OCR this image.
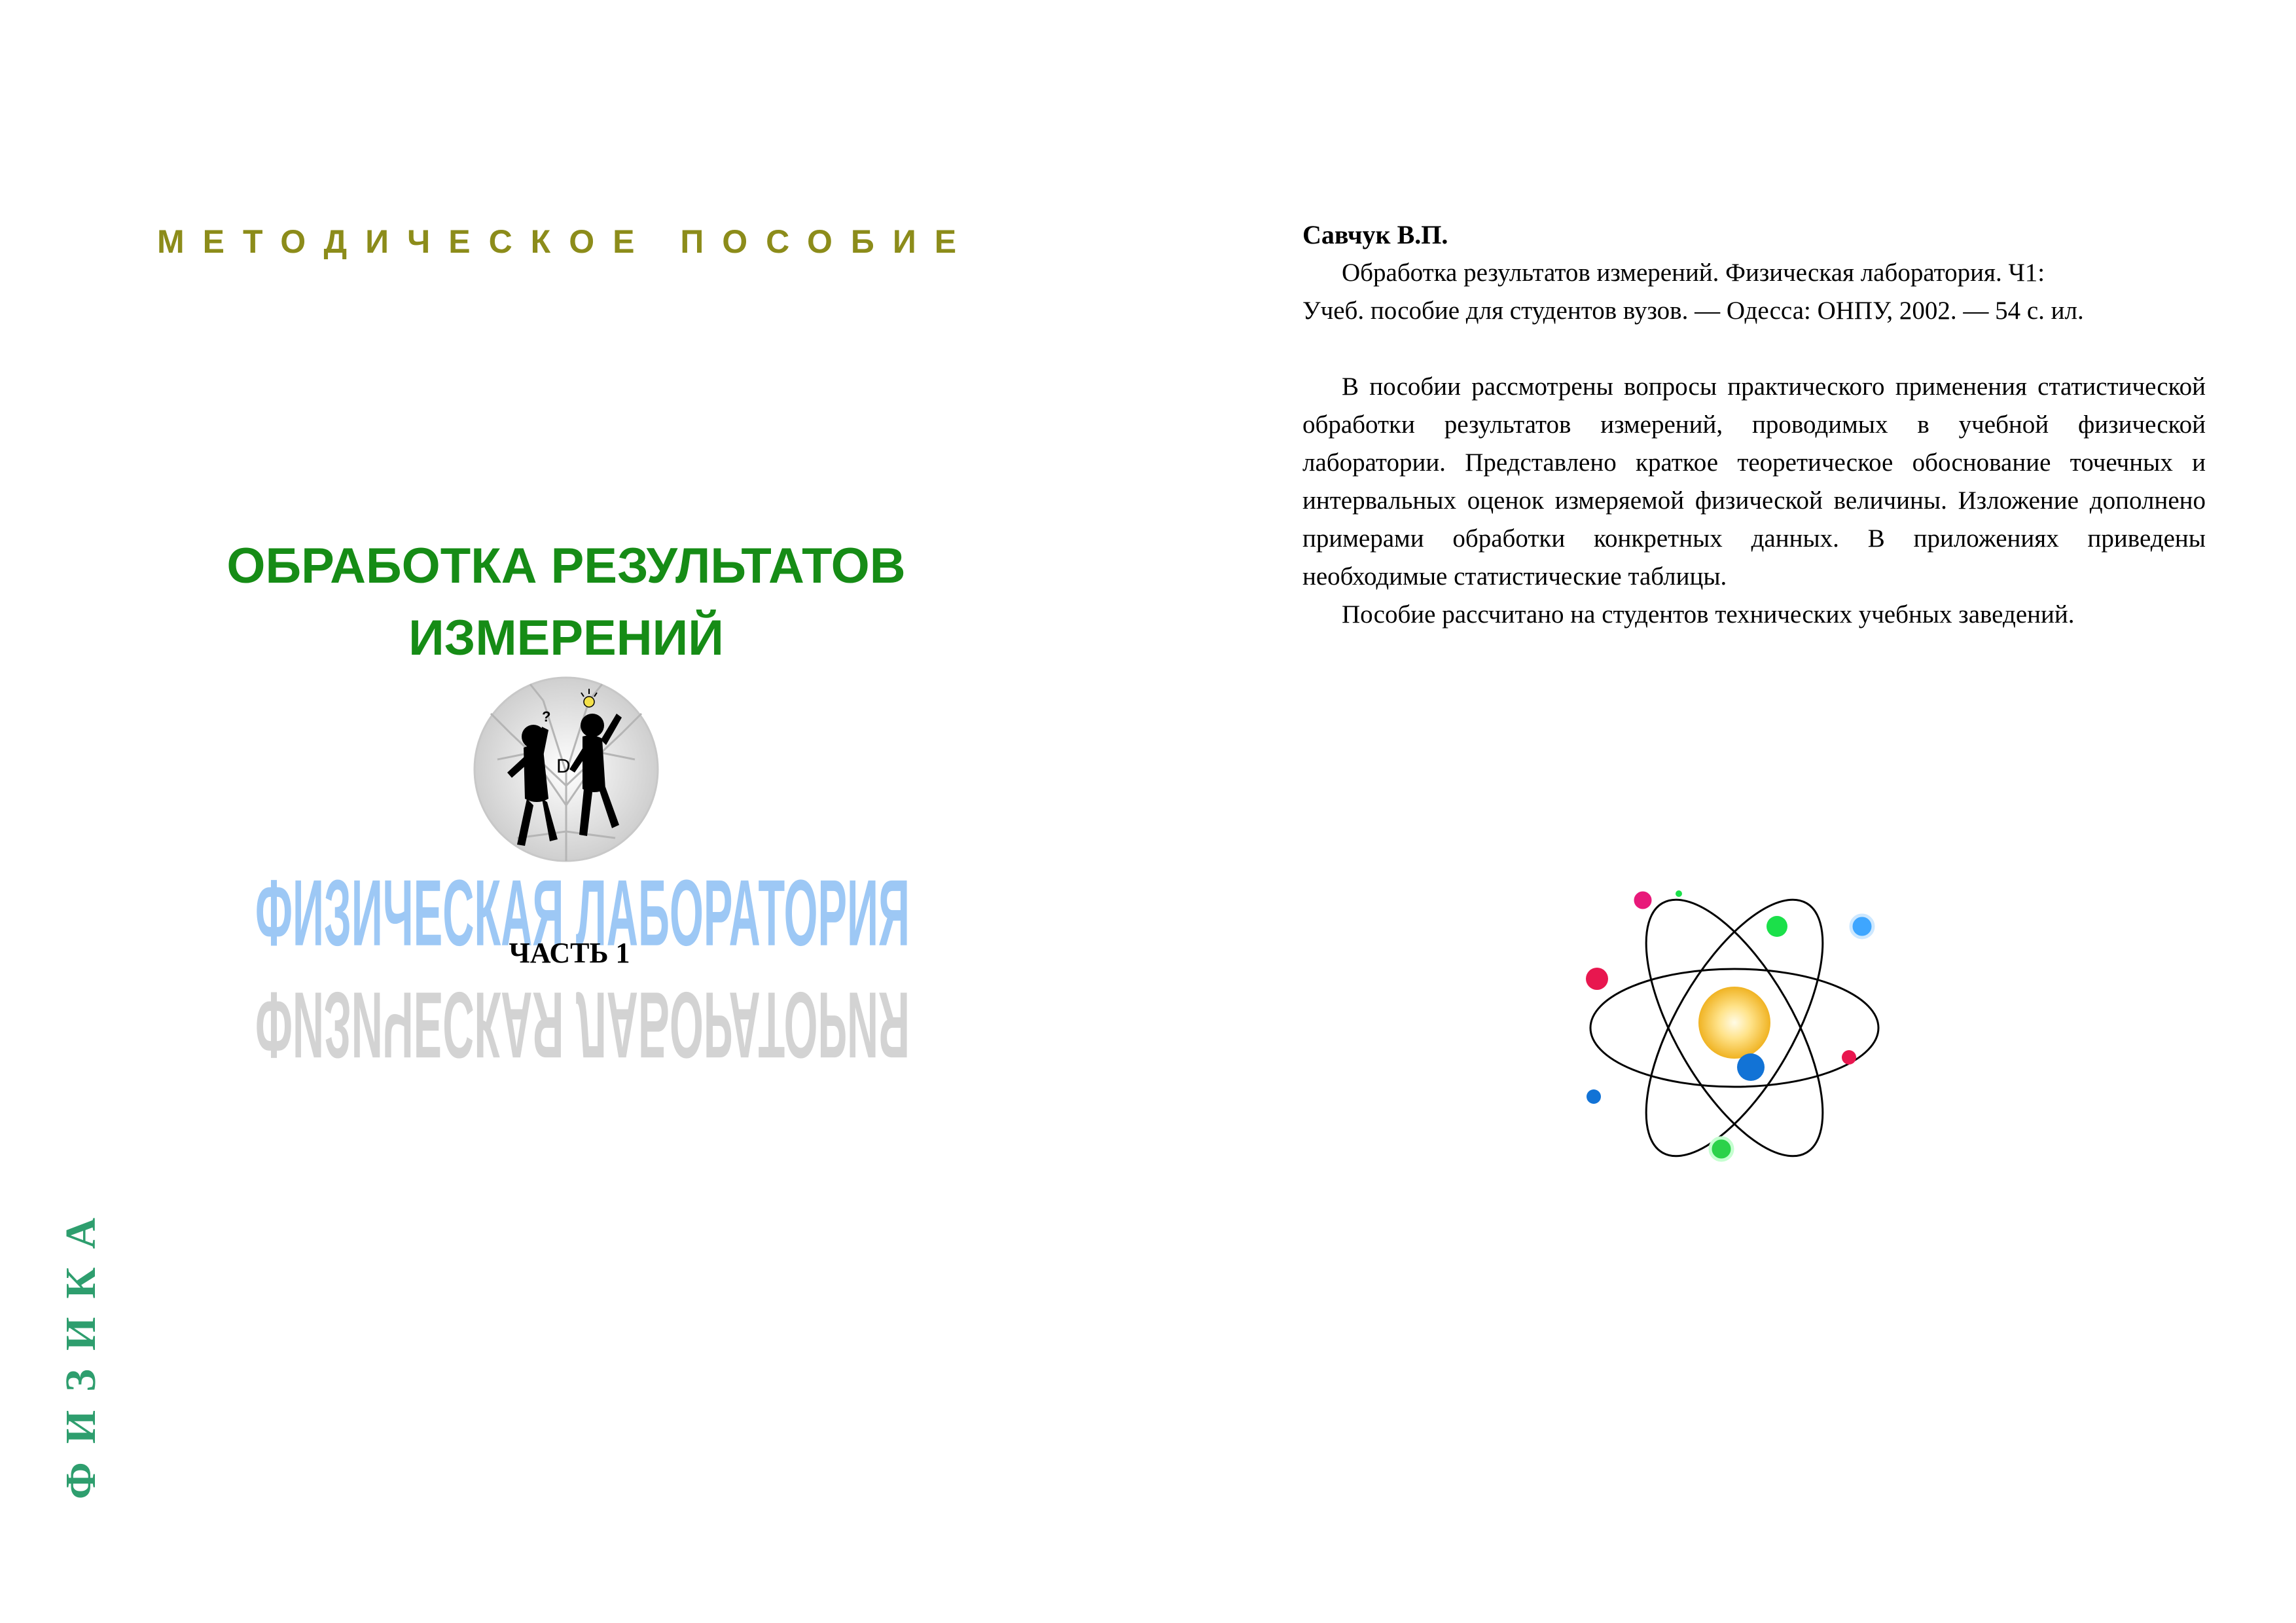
МЕТОДИЧЕСКОЕ ПОСОБИЕ
ОБРАБОТКА РЕЗУЛЬТАТОВ
ИЗМЕРЕНИЙ
?
D
ФИЗИЧЕСКАЯ ЛАБОРАТОРИЯ
ЧАСТЬ 1
ФИЗИЧЕСКАЯ ЛАБОРАТОРИЯ
ФИЗИКА
Савчук В.П.
Обработка результатов измерений. Физическая лаборатория. Ч1:
Учеб. пособие для студентов вузов. — Одесса: ОНПУ, 2002. — 54 с. ил.
В пособии рассмотрены вопросы практического применения статистической обработки результатов измерений, проводимых в учебной физической лаборатории. Представлено краткое теоретическое обоснование точечных и интервальных оценок измеряемой физической величины. Изложение дополнено примерами обработки конкретных данных. В приложениях приведены необходимые статистические таблицы.
Пособие рассчитано на студентов технических учебных заведений.
